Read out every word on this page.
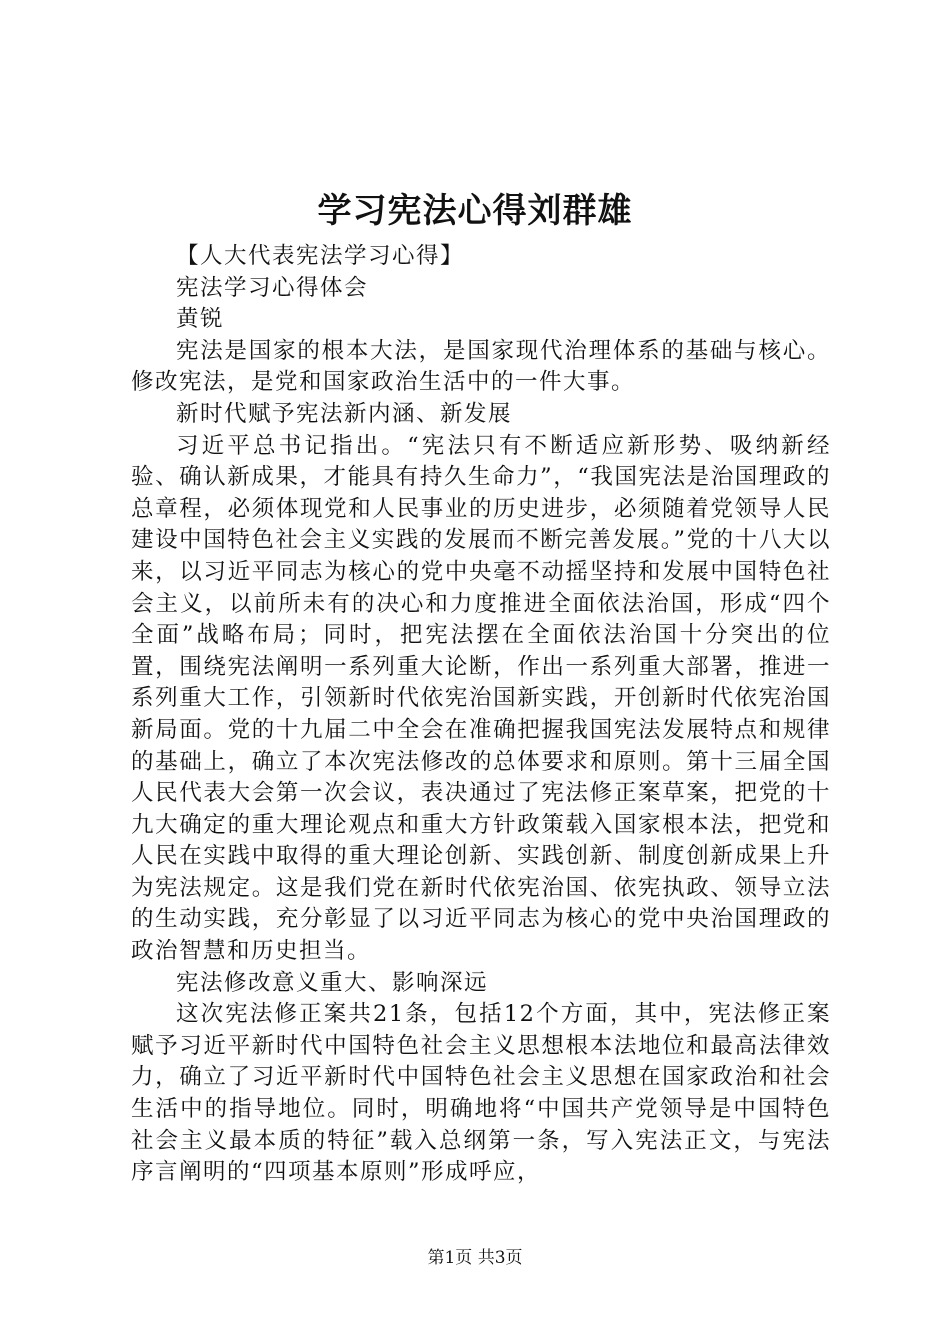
学习宪法心得刘群雄

【人大代表宪法学习心得】

宪法学习心得体会

黄锐

宪法是国家的根本大法，是国家现代治理体系的基础与核心。修改宪法，是党和国家政治生活中的一件大事。

新时代赋予宪法新内涵、新发展

习近平总书记指出。“宪法只有不断适应新形势、吸纳新经验、确认新成果，才能具有持久生命力”，“我国宪法是治国理政的总章程，必须体现党和人民事业的历史进步，必须随着党领导人民建设中国特色社会主义实践的发展而不断完善发展。”党的十八大以来，以习近平同志为核心的党中央毫不动摇坚持和发展中国特色社会主义，以前所未有的决心和力度推进全面依法治国，形成“四个全面”战略布局；同时，把宪法摆在全面依法治国十分突出的位置，围绕宪法阐明一系列重大论断，作出一系列重大部署，推进一系列重大工作，引领新时代依宪治国新实践，开创新时代依宪治国新局面。党的十九届二中全会在准确把握我国宪法发展特点和规律的基础上，确立了本次宪法修改的总体要求和原则。第十三届全国人民代表大会第一次会议，表决通过了宪法修正案草案，把党的十九大确定的重大理论观点和重大方针政策载入国家根本法，把党和人民在实践中取得的重大理论创新、实践创新、制度创新成果上升为宪法规定。这是我们党在新时代依宪治国、依宪执政、领导立法的生动实践，充分彰显了以习近平同志为核心的党中央治国理政的政治智慧和历史担当。

宪法修改意义重大、影响深远

这次宪法修正案共21条，包括12个方面，其中，宪法修正案赋予习近平新时代中国特色社会主义思想根本法地位和最高法律效力，确立了习近平新时代中国特色社会主义思想在国家政治和社会生活中的指导地位。同时，明确地将“中国共产党领导是中国特色社会主义最本质的特征”载入总纲第一条，写入宪法正文，与宪法序言阐明的“四项基本原则”形成呼应，

第1页 共3页
